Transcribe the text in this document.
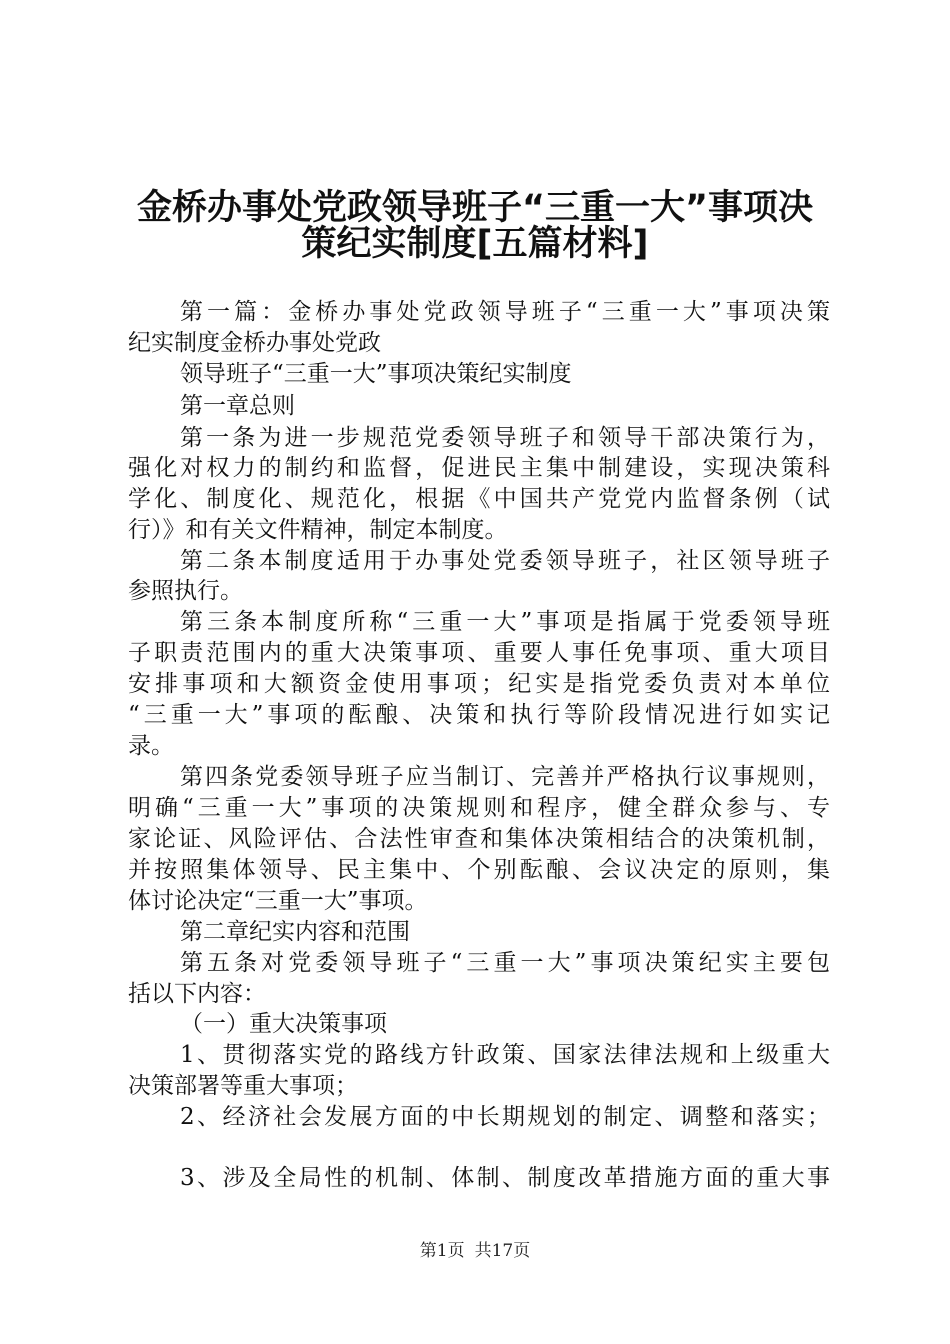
金桥办事处党政领导班子“三重一大”事项决
策纪实制度[五篇材料]

第一篇：金桥办事处党政领导班子“三重一大”事项决策

纪实制度金桥办事处党政

领导班子“三重一大”事项决策纪实制度

第一章总则

第一条为进一步规范党委领导班子和领导干部决策行为，

强化对权力的制约和监督，促进民主集中制建设，实现决策科

学化、制度化、规范化，根据《中国共产党党内监督条例（试

行）》和有关文件精神，制定本制度。

第二条本制度适用于办事处党委领导班子，社区领导班子

参照执行。

第三条本制度所称“三重一大”事项是指属于党委领导班

子职责范围内的重大决策事项、重要人事任免事项、重大项目

安排事项和大额资金使用事项；纪实是指党委负责对本单位

“三重一大”事项的酝酿、决策和执行等阶段情况进行如实记

录。

第四条党委领导班子应当制订、完善并严格执行议事规则，

明确“三重一大”事项的决策规则和程序，健全群众参与、专

家论证、风险评估、合法性审查和集体决策相结合的决策机制，

并按照集体领导、民主集中、个别酝酿、会议决定的原则，集

体讨论决定“三重一大”事项。

第二章纪实内容和范围

第五条对党委领导班子“三重一大”事项决策纪实主要包

括以下内容：

（一）重大决策事项

1、贯彻落实党的路线方针政策、国家法律法规和上级重大

决策部署等重大事项；

2、经济社会发展方面的中长期规划的制定、调整和落实；

3、涉及全局性的机制、体制、制度改革措施方面的重大事

第1页 共17页
